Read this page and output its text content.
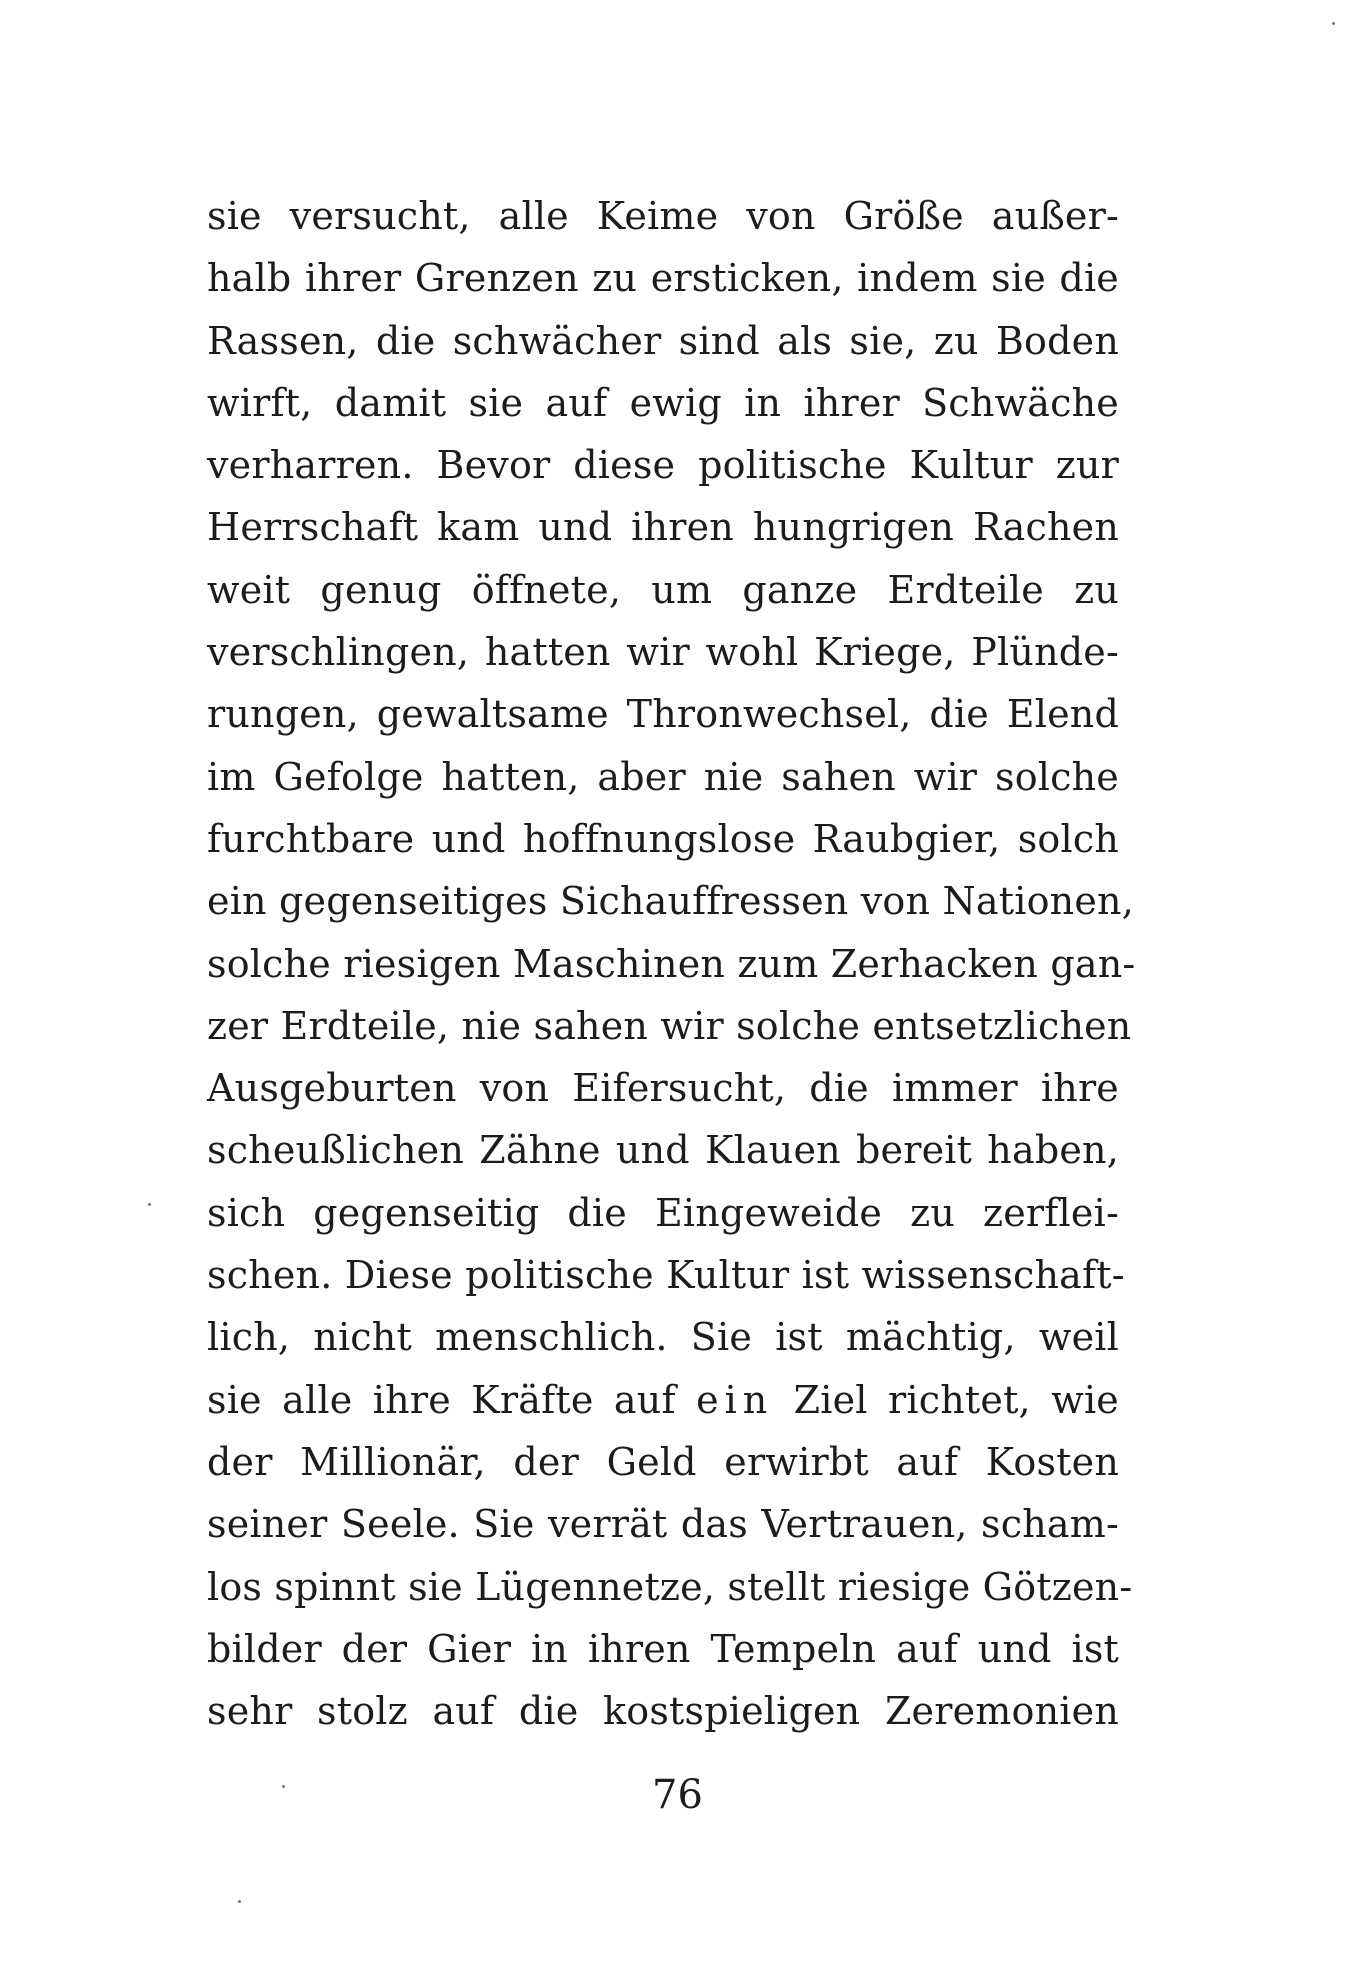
sie versucht, alle Keime von Größe außer-
halb ihrer Grenzen zu ersticken, indem sie die
Rassen, die schwächer sind als sie, zu Boden
wirft, damit sie auf ewig in ihrer Schwäche
verharren. Bevor diese politische Kultur zur
Herrschaft kam und ihren hungrigen Rachen
weit genug öffnete, um ganze Erdteile zu
verschlingen, hatten wir wohl Kriege, Plünde-
rungen, gewaltsame Thronwechsel, die Elend
im Gefolge hatten, aber nie sahen wir solche
furchtbare und hoffnungslose Raubgier, solch
ein gegenseitiges Sichauffressen von Nationen,
solche riesigen Maschinen zum Zerhacken gan-
zer Erdteile, nie sahen wir solche entsetzlichen
Ausgeburten von Eifersucht, die immer ihre
scheußlichen Zähne und Klauen bereit haben,
sich gegenseitig die Eingeweide zu zerflei-
schen. Diese politische Kultur ist wissenschaft-
lich, nicht menschlich. Sie ist mächtig, weil
sie alle ihre Kräfte auf ein Ziel richtet, wie
der Millionär, der Geld erwirbt auf Kosten
seiner Seele. Sie verrät das Vertrauen, scham-
los spinnt sie Lügennetze, stellt riesige Götzen-
bilder der Gier in ihren Tempeln auf und ist
sehr stolz auf die kostspieligen Zeremonien
76
